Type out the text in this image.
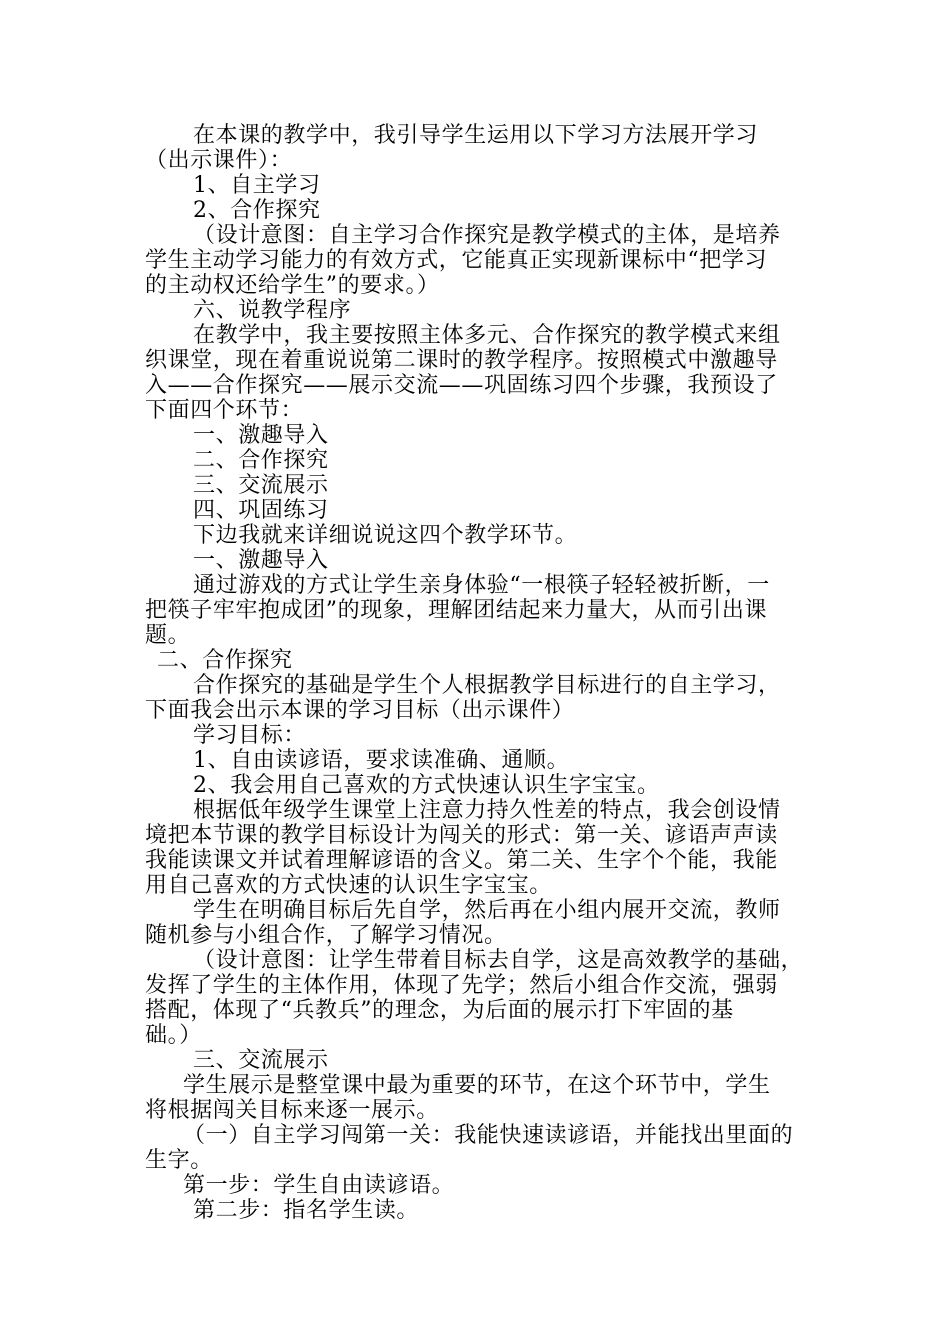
在本课的教学中，我引导学生运用以下学习方法展开学习
（出示课件）：
1、自主学习
2、合作探究
（设计意图：自主学习合作探究是教学模式的主体，是培养
学生主动学习能力的有效方式，它能真正实现新课标中“把学习
的主动权还给学生”的要求。）
六、说教学程序
在教学中，我主要按照主体多元、合作探究的教学模式来组
织课堂，现在着重说说第二课时的教学程序。按照模式中激趣导
入——合作探究——展示交流——巩固练习四个步骤，我预设了
下面四个环节：
一、激趣导入
二、合作探究
三、交流展示
四、巩固练习
下边我就来详细说说这四个教学环节。
一、激趣导入
通过游戏的方式让学生亲身体验“一根筷子轻轻被折断，一
把筷子牢牢抱成团”的现象，理解团结起来力量大，从而引出课
题。
二、合作探究
合作探究的基础是学生个人根据教学目标进行的自主学习，
下面我会出示本课的学习目标（出示课件）
学习目标：
1、自由读谚语，要求读准确、通顺。
2、我会用自己喜欢的方式快速认识生字宝宝。
根据低年级学生课堂上注意力持久性差的特点，我会创设情
境把本节课的教学目标设计为闯关的形式：第一关、谚语声声读
我能读课文并试着理解谚语的含义。第二关、生字个个能，我能
用自己喜欢的方式快速的认识生字宝宝。
学生在明确目标后先自学，然后再在小组内展开交流，教师
随机参与小组合作，了解学习情况。
（设计意图：让学生带着目标去自学，这是高效教学的基础，
发挥了学生的主体作用，体现了先学；然后小组合作交流，强弱
搭配，体现了“兵教兵”的理念，为后面的展示打下牢固的基
础。）
三、交流展示
学生展示是整堂课中最为重要的环节，在这个环节中，学生
将根据闯关目标来逐一展示。
（一）自主学习闯第一关：我能快速读谚语，并能找出里面的
生字。
第一步：学生自由读谚语。
第二步：指名学生读。
